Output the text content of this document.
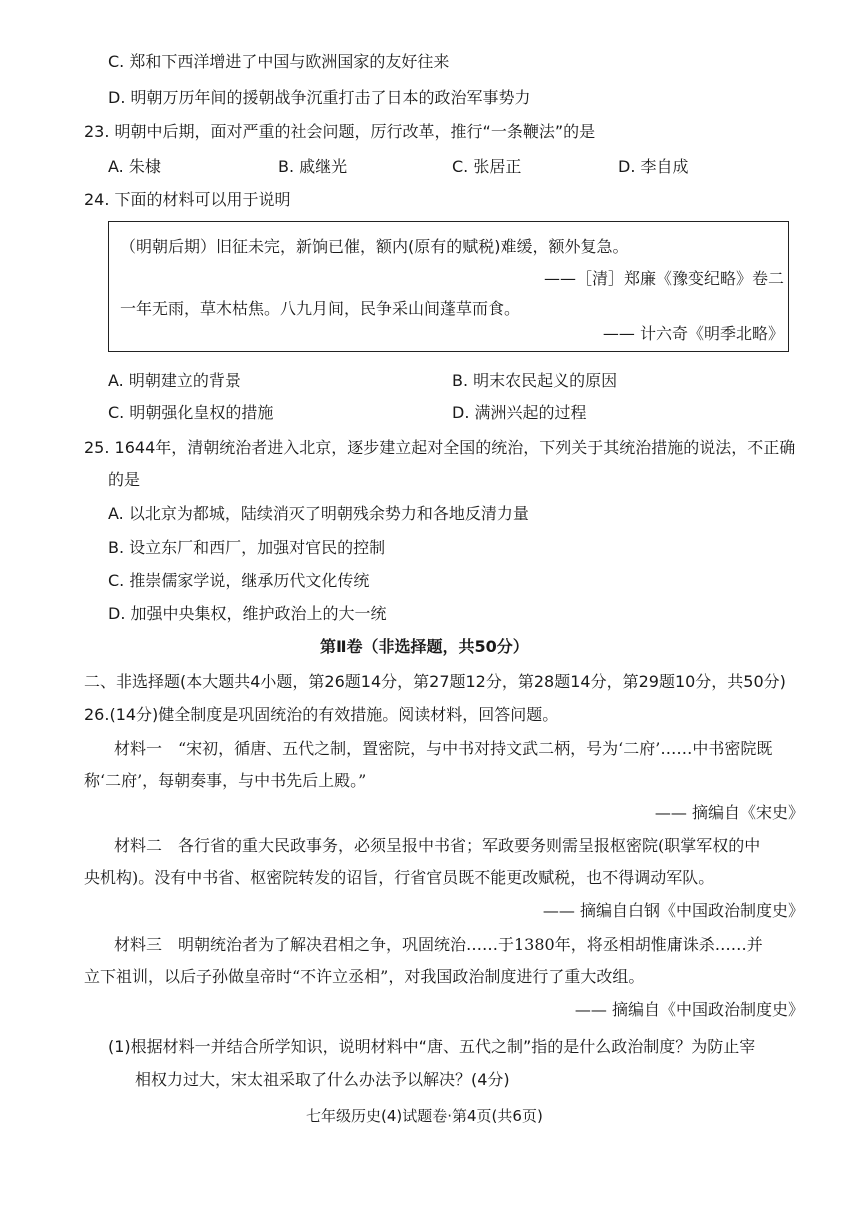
C. 郑和下西洋增进了中国与欧洲国家的友好往来
D. 明朝万历年间的援朝战争沉重打击了日本的政治军事势力
23. 明朝中后期，面对严重的社会问题，厉行改革，推行“一条鞭法”的是
A. 朱棣	B. 戚继光	C. 张居正	D. 李自成
24. 下面的材料可以用于说明
（明朝后期）旧征未完，新饷已催，额内(原有的赋税)难缓，额外复急。
——［清］郑廉《豫变纪略》卷二
一年无雨，草木枯焦。八九月间，民争采山间蓬草而食。
—— 计六奇《明季北略》
A. 明朝建立的背景	B. 明末农民起义的原因
C. 明朝强化皇权的措施	D. 满洲兴起的过程
25. 1644年，清朝统治者进入北京，逐步建立起对全国的统治，下列关于其统治措施的说法，不正确
的是
A. 以北京为都城，陆续消灭了明朝残余势力和各地反清力量
B. 设立东厂和西厂，加强对官民的控制
C. 推崇儒家学说，继承历代文化传统
D. 加强中央集权，维护政治上的大一统
第Ⅱ卷（非选择题，共50分）
二、非选择题(本大题共4小题，第26题14分，第27题12分，第28题14分，第29题10分，共50分)
26.(14分)健全制度是巩固统治的有效措施。阅读材料，回答问题。
材料一　“宋初，循唐、五代之制，置密院，与中书对持文武二柄，号为‘二府’……中书密院既
称‘二府’，每朝奏事，与中书先后上殿。”
—— 摘编自《宋史》
材料二　各行省的重大民政事务，必须呈报中书省；军政要务则需呈报枢密院(职掌军权的中
央机构)。没有中书省、枢密院转发的诏旨，行省官员既不能更改赋税，也不得调动军队。
—— 摘编自白钢《中国政治制度史》
材料三　明朝统治者为了解决君相之争，巩固统治……于1380年，将丞相胡惟庸诛杀……并
立下祖训，以后子孙做皇帝时“不许立丞相”，对我国政治制度进行了重大改组。
—— 摘编自《中国政治制度史》
(1)根据材料一并结合所学知识，说明材料中“唐、五代之制”指的是什么政治制度？为防止宰
相权力过大，宋太祖采取了什么办法予以解决？(4分)
七年级历史(4)试题卷·第4页(共6页)
